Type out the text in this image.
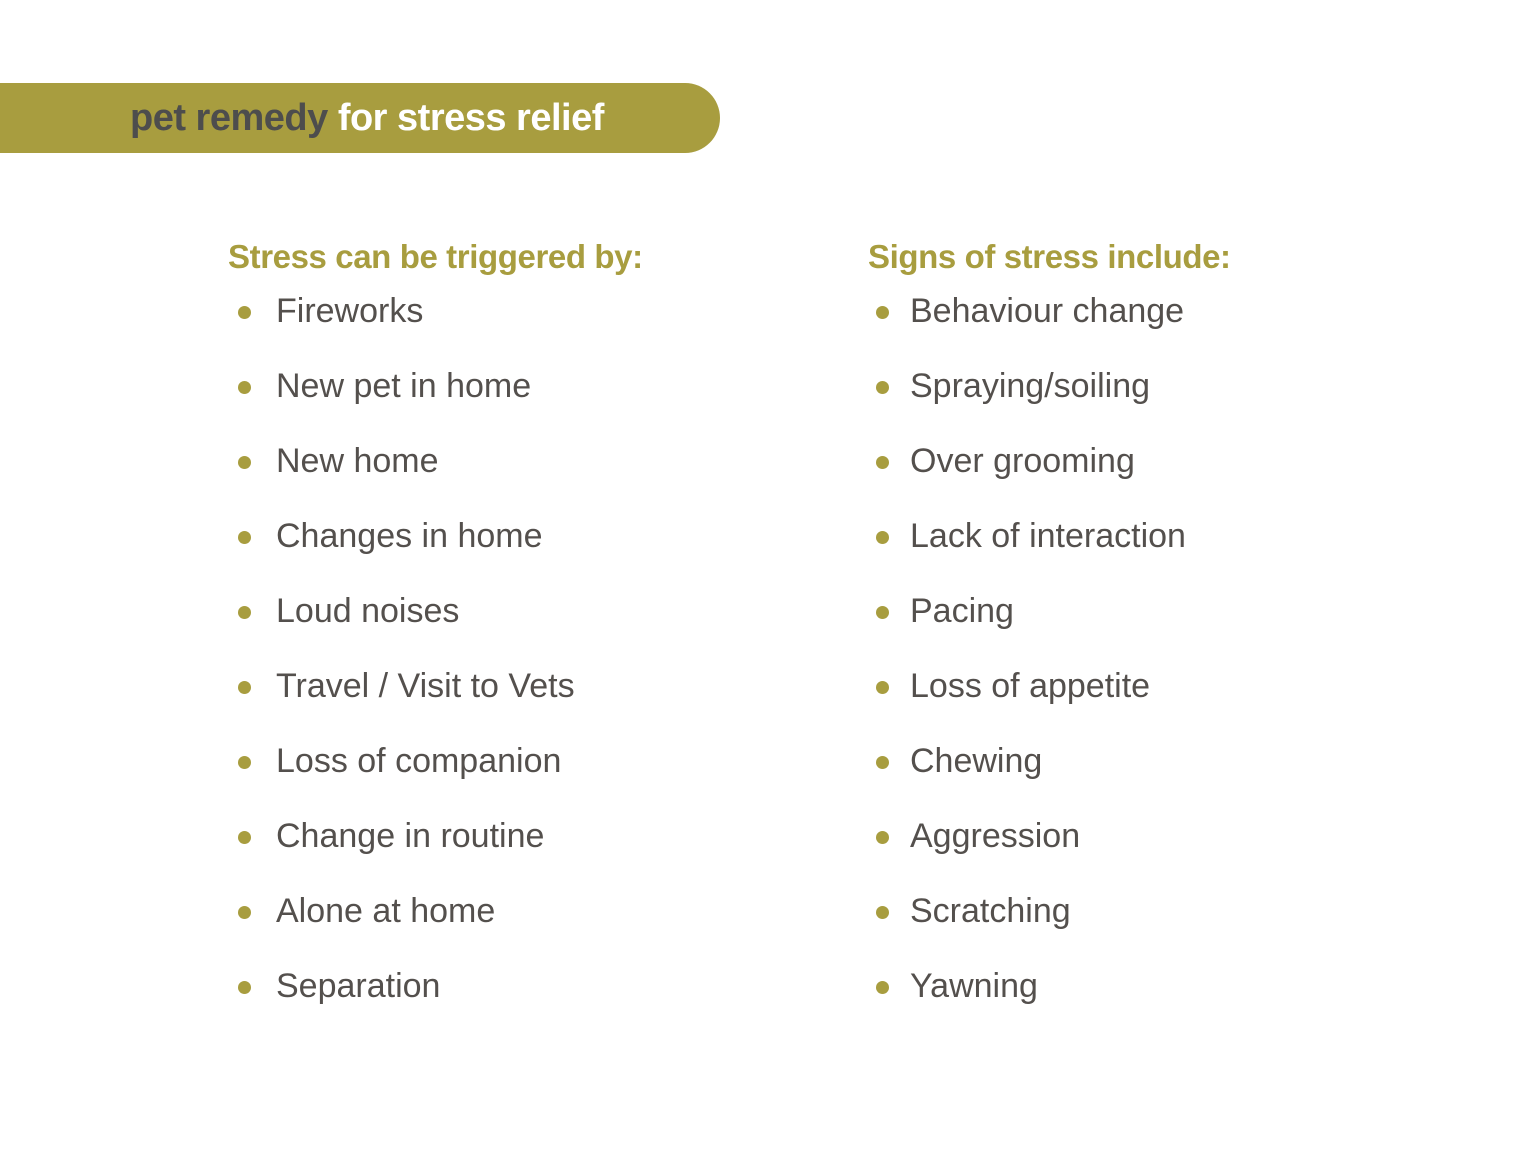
pet remedy for stress relief
Stress can be triggered by:
Fireworks
New pet in home
New home
Changes in home
Loud noises
Travel / Visit to Vets
Loss of companion
Change in routine
Alone at home
Separation
Signs of stress include:
Behaviour change
Spraying/soiling
Over grooming
Lack of interaction
Pacing
Loss of appetite
Chewing
Aggression
Scratching
Yawning
